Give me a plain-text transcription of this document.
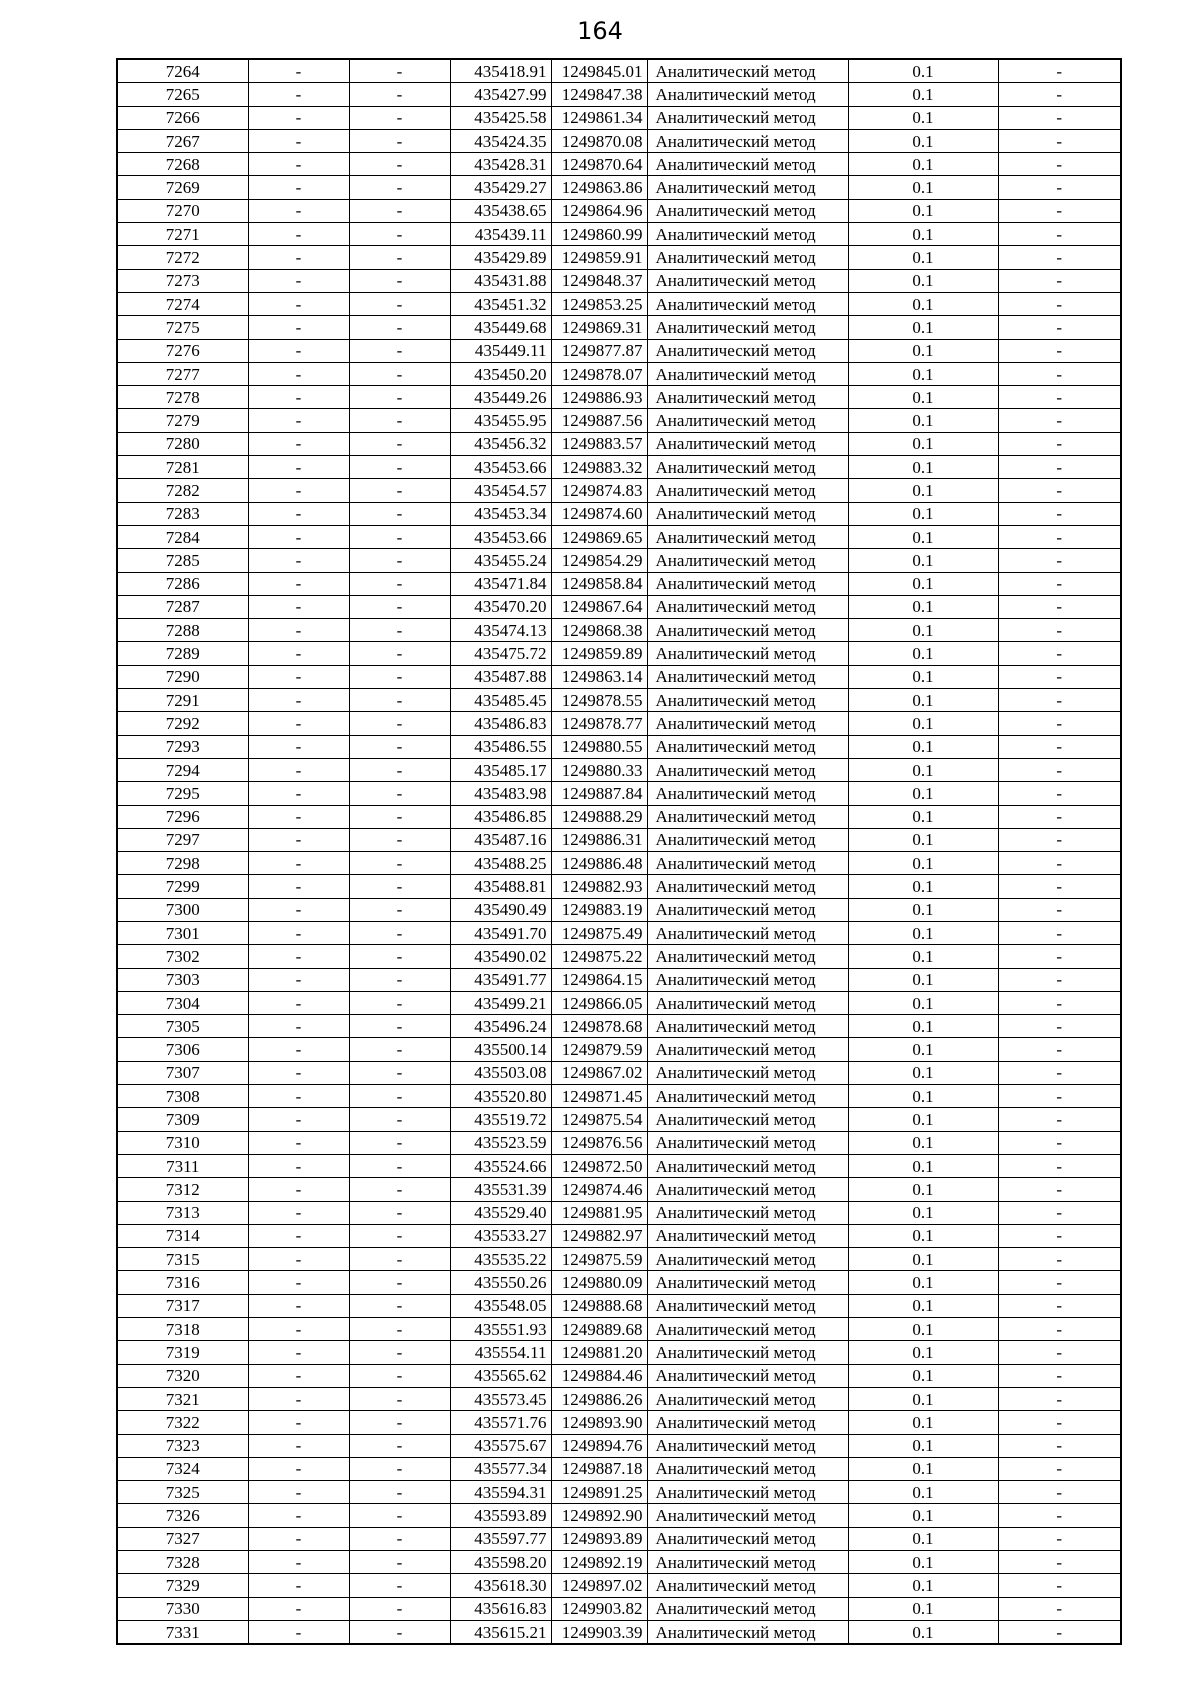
164
7264	-	-	435418.91	1249845.01	Аналитический метод	0.1	-
7265	-	-	435427.99	1249847.38	Аналитический метод	0.1	-
7266	-	-	435425.58	1249861.34	Аналитический метод	0.1	-
7267	-	-	435424.35	1249870.08	Аналитический метод	0.1	-
7268	-	-	435428.31	1249870.64	Аналитический метод	0.1	-
7269	-	-	435429.27	1249863.86	Аналитический метод	0.1	-
7270	-	-	435438.65	1249864.96	Аналитический метод	0.1	-
7271	-	-	435439.11	1249860.99	Аналитический метод	0.1	-
7272	-	-	435429.89	1249859.91	Аналитический метод	0.1	-
7273	-	-	435431.88	1249848.37	Аналитический метод	0.1	-
7274	-	-	435451.32	1249853.25	Аналитический метод	0.1	-
7275	-	-	435449.68	1249869.31	Аналитический метод	0.1	-
7276	-	-	435449.11	1249877.87	Аналитический метод	0.1	-
7277	-	-	435450.20	1249878.07	Аналитический метод	0.1	-
7278	-	-	435449.26	1249886.93	Аналитический метод	0.1	-
7279	-	-	435455.95	1249887.56	Аналитический метод	0.1	-
7280	-	-	435456.32	1249883.57	Аналитический метод	0.1	-
7281	-	-	435453.66	1249883.32	Аналитический метод	0.1	-
7282	-	-	435454.57	1249874.83	Аналитический метод	0.1	-
7283	-	-	435453.34	1249874.60	Аналитический метод	0.1	-
7284	-	-	435453.66	1249869.65	Аналитический метод	0.1	-
7285	-	-	435455.24	1249854.29	Аналитический метод	0.1	-
7286	-	-	435471.84	1249858.84	Аналитический метод	0.1	-
7287	-	-	435470.20	1249867.64	Аналитический метод	0.1	-
7288	-	-	435474.13	1249868.38	Аналитический метод	0.1	-
7289	-	-	435475.72	1249859.89	Аналитический метод	0.1	-
7290	-	-	435487.88	1249863.14	Аналитический метод	0.1	-
7291	-	-	435485.45	1249878.55	Аналитический метод	0.1	-
7292	-	-	435486.83	1249878.77	Аналитический метод	0.1	-
7293	-	-	435486.55	1249880.55	Аналитический метод	0.1	-
7294	-	-	435485.17	1249880.33	Аналитический метод	0.1	-
7295	-	-	435483.98	1249887.84	Аналитический метод	0.1	-
7296	-	-	435486.85	1249888.29	Аналитический метод	0.1	-
7297	-	-	435487.16	1249886.31	Аналитический метод	0.1	-
7298	-	-	435488.25	1249886.48	Аналитический метод	0.1	-
7299	-	-	435488.81	1249882.93	Аналитический метод	0.1	-
7300	-	-	435490.49	1249883.19	Аналитический метод	0.1	-
7301	-	-	435491.70	1249875.49	Аналитический метод	0.1	-
7302	-	-	435490.02	1249875.22	Аналитический метод	0.1	-
7303	-	-	435491.77	1249864.15	Аналитический метод	0.1	-
7304	-	-	435499.21	1249866.05	Аналитический метод	0.1	-
7305	-	-	435496.24	1249878.68	Аналитический метод	0.1	-
7306	-	-	435500.14	1249879.59	Аналитический метод	0.1	-
7307	-	-	435503.08	1249867.02	Аналитический метод	0.1	-
7308	-	-	435520.80	1249871.45	Аналитический метод	0.1	-
7309	-	-	435519.72	1249875.54	Аналитический метод	0.1	-
7310	-	-	435523.59	1249876.56	Аналитический метод	0.1	-
7311	-	-	435524.66	1249872.50	Аналитический метод	0.1	-
7312	-	-	435531.39	1249874.46	Аналитический метод	0.1	-
7313	-	-	435529.40	1249881.95	Аналитический метод	0.1	-
7314	-	-	435533.27	1249882.97	Аналитический метод	0.1	-
7315	-	-	435535.22	1249875.59	Аналитический метод	0.1	-
7316	-	-	435550.26	1249880.09	Аналитический метод	0.1	-
7317	-	-	435548.05	1249888.68	Аналитический метод	0.1	-
7318	-	-	435551.93	1249889.68	Аналитический метод	0.1	-
7319	-	-	435554.11	1249881.20	Аналитический метод	0.1	-
7320	-	-	435565.62	1249884.46	Аналитический метод	0.1	-
7321	-	-	435573.45	1249886.26	Аналитический метод	0.1	-
7322	-	-	435571.76	1249893.90	Аналитический метод	0.1	-
7323	-	-	435575.67	1249894.76	Аналитический метод	0.1	-
7324	-	-	435577.34	1249887.18	Аналитический метод	0.1	-
7325	-	-	435594.31	1249891.25	Аналитический метод	0.1	-
7326	-	-	435593.89	1249892.90	Аналитический метод	0.1	-
7327	-	-	435597.77	1249893.89	Аналитический метод	0.1	-
7328	-	-	435598.20	1249892.19	Аналитический метод	0.1	-
7329	-	-	435618.30	1249897.02	Аналитический метод	0.1	-
7330	-	-	435616.83	1249903.82	Аналитический метод	0.1	-
7331	-	-	435615.21	1249903.39	Аналитический метод	0.1	-
